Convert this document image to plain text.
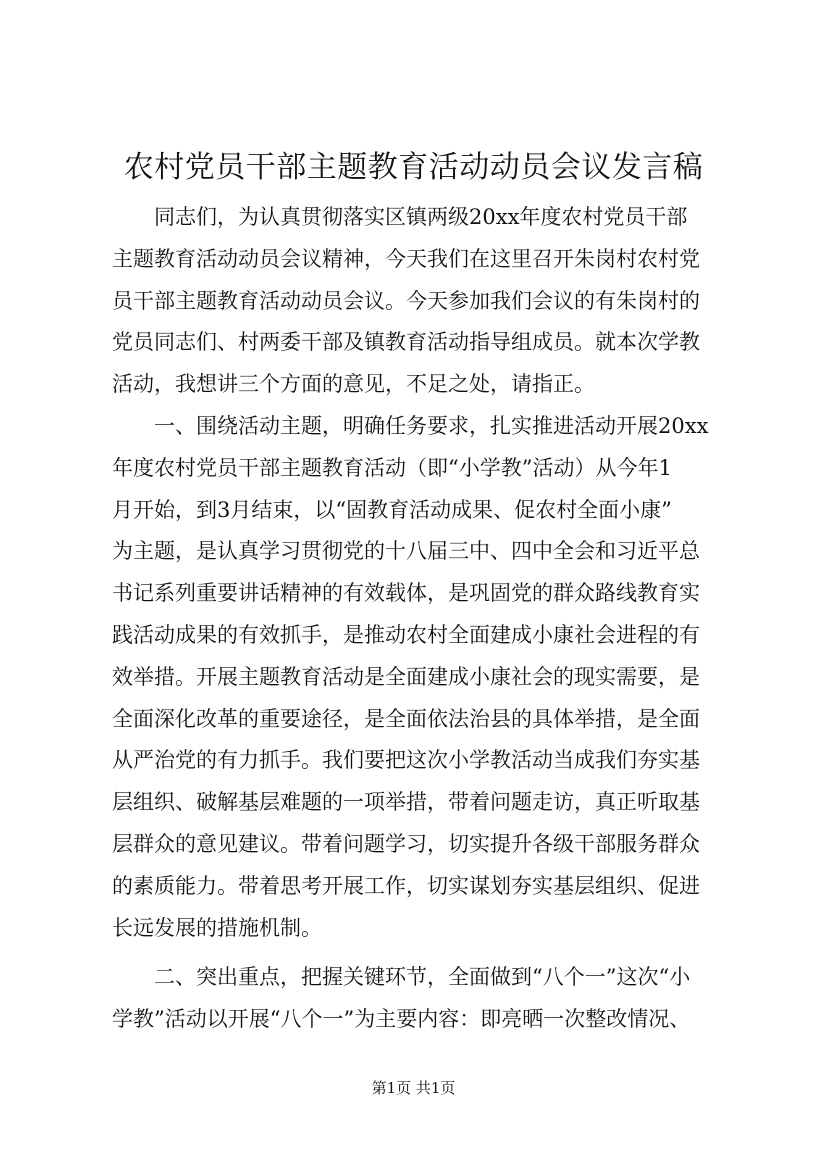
农村党员干部主题教育活动动员会议发言稿
　　同志们，为认真贯彻落实区镇两级20xx年度农村党员干部
主题教育活动动员会议精神，今天我们在这里召开朱岗村农村党
员干部主题教育活动动员会议。今天参加我们会议的有朱岗村的
党员同志们、村两委干部及镇教育活动指导组成员。就本次学教
活动，我想讲三个方面的意见，不足之处，请指正。
　　一、围绕活动主题，明确任务要求，扎实推进活动开展20xx
年度农村党员干部主题教育活动（即“小学教”活动）从今年1
月开始，到3月结束，以“固教育活动成果、促农村全面小康”
为主题，是认真学习贯彻党的十八届三中、四中全会和习近平总
书记系列重要讲话精神的有效载体，是巩固党的群众路线教育实
践活动成果的有效抓手，是推动农村全面建成小康社会进程的有
效举措。开展主题教育活动是全面建成小康社会的现实需要，是
全面深化改革的重要途径，是全面依法治县的具体举措，是全面
从严治党的有力抓手。我们要把这次小学教活动当成我们夯实基
层组织、破解基层难题的一项举措，带着问题走访，真正听取基
层群众的意见建议。带着问题学习，切实提升各级干部服务群众
的素质能力。带着思考开展工作，切实谋划夯实基层组织、促进
长远发展的措施机制。
　　二、突出重点，把握关键环节，全面做到“八个一”这次“小
学教”活动以开展“八个一”为主要内容：即亮晒一次整改情况、
第1页 共1页
